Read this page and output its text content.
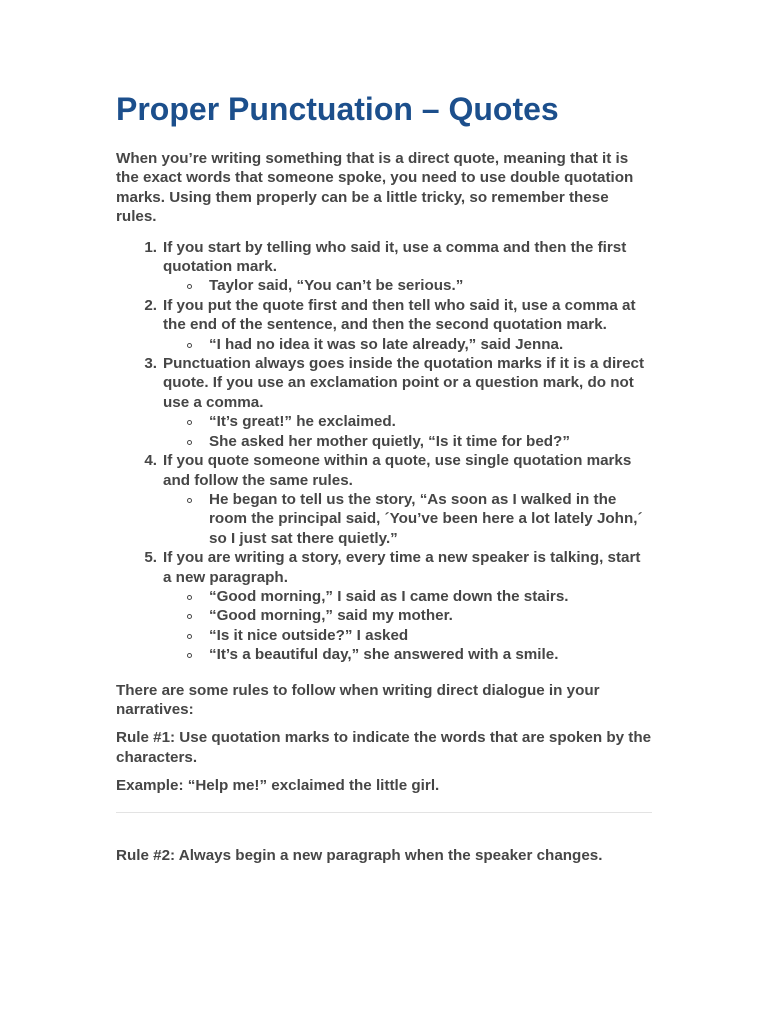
Proper Punctuation – Quotes

When you’re writing something that is a direct quote, meaning that it is the exact words that someone spoke, you need to use double quotation marks. Using them properly can be a little tricky, so remember these rules.

If you start by telling who said it, use a comma and then the first quotation mark.
Taylor said, “You can’t be serious.”
If you put the quote first and then tell who said it, use a comma at the end of the sentence, and then the second quotation mark.
“I had no idea it was so late already,” said Jenna.
Punctuation always goes inside the quotation marks if it is a direct quote. If you use an exclamation point or a question mark, do not use a comma.
“It’s great!” he exclaimed.
She asked her mother quietly, “Is it time for bed?”
If you quote someone within a quote, use single quotation marks and follow the same rules.
He began to tell us the story, “As soon as I walked in the room the principal said, ´You’ve been here a lot lately John,´ so I just sat there quietly.”
If you are writing a story, every time a new speaker is talking, start a new paragraph.
“Good morning,” I said as I came down the stairs.
“Good morning,” said my mother.
“Is it nice outside?” I asked
“It’s a beautiful day,” she answered with a smile.

There are some rules to follow when writing direct dialogue in your narratives:

Rule #1: Use quotation marks to indicate the words that are spoken by the characters.

Example: “Help me!” exclaimed the little girl.

Rule #2: Always begin a new paragraph when the speaker changes.
